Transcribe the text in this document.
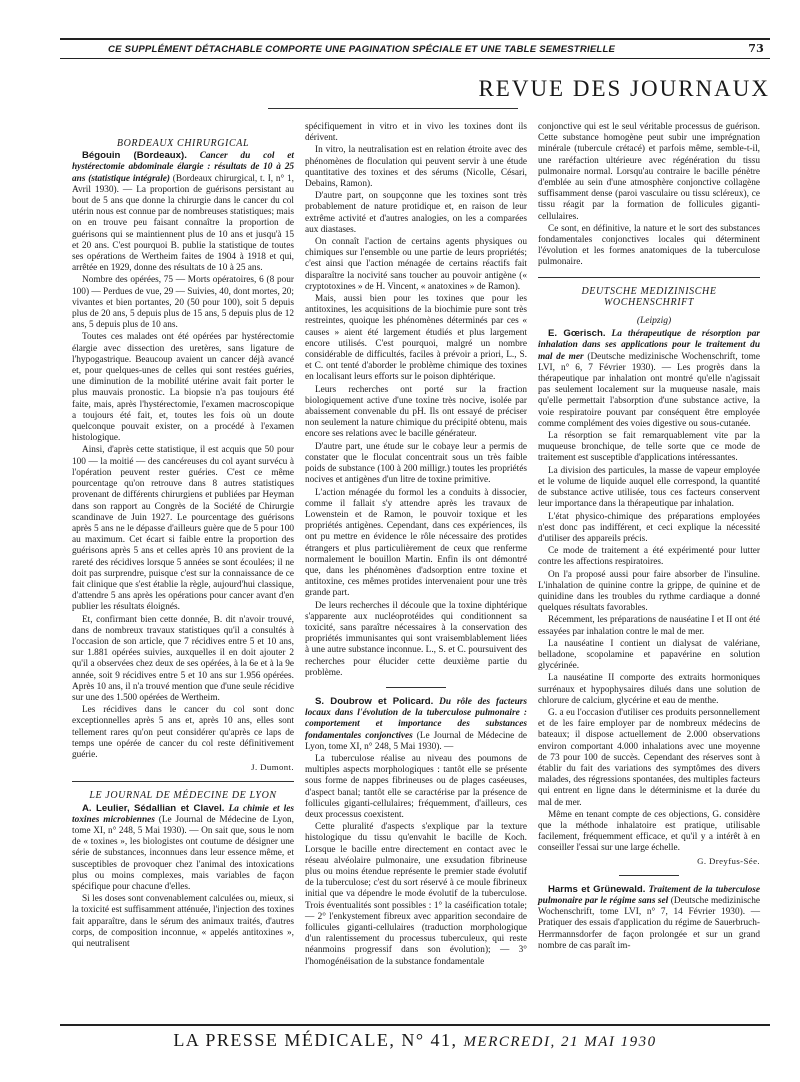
CE SUPPLÉMENT DÉTACHABLE COMPORTE UNE PAGINATION SPÉCIALE ET UNE TABLE SEMESTRIELLE	73
REVUE DES JOURNAUX

BORDEAUX CHIRURGICAL

Bégouin (Bordeaux). Cancer du col et hystérectomie abdominale élargie : résultats de 10 à 25 ans (statistique intégrale) (Bordeaux chirurgical, t. I, n° 1, Avril 1930). — La proportion de guérisons persistant au bout de 5 ans que donne la chirurgie dans le cancer du col utérin nous est connue par de nombreuses statistiques; mais on en trouve peu faisant connaître la proportion de guérisons qui se maintiennent plus de 10 ans et jusqu'à 15 et 20 ans. C'est pourquoi B. publie la statistique de toutes ses opérations de Wertheim faites de 1904 à 1918 et qui, arrêtée en 1929, donne des résultats de 10 à 25 ans.

Nombre des opérées, 75 — Morts opératoires, 6 (8 pour 100) — Perdues de vue, 29 — Suivies, 40, dont mortes, 20; vivantes et bien portantes, 20 (50 pour 100), soit 5 depuis plus de 20 ans, 5 depuis plus de 15 ans, 5 depuis plus de 12 ans, 5 depuis plus de 10 ans.

Toutes ces malades ont été opérées par hystérectomie élargie avec dissection des uretères, sans ligature de l'hypogastrique. Beaucoup avaient un cancer déjà avancé et, pour quelques-unes de celles qui sont restées guéries, une diminution de la mobilité utérine avait fait porter le plus mauvais pronostic. La biopsie n'a pas toujours été faite, mais, après l'hystérectomie, l'examen macroscopique a toujours été fait, et, toutes les fois où un doute quelconque pouvait exister, on a procédé à l'examen histologique.

Ainsi, d'après cette statistique, il est acquis que 50 pour 100 — la moitié — des cancéreuses du col ayant survécu à l'opération peuvent rester guéries. C'est ce même pourcentage qu'on retrouve dans 8 autres statistiques provenant de différents chirurgiens et publiées par Heyman dans son rapport au Congrès de la Société de Chirurgie scandinave de Juin 1927. Le pourcentage des guérisons après 5 ans ne le dépasse d'ailleurs guère que de 5 pour 100 au maximum. Cet écart si faible entre la proportion des guérisons après 5 ans et celles après 10 ans provient de la rareté des récidives lorsque 5 années se sont écoulées; il ne doit pas surprendre, puisque c'est sur la connaissance de ce fait clinique que s'est établie la règle, aujourd'hui classique, d'attendre 5 ans après les opérations pour cancer avant d'en publier les résultats éloignés.

Et, confirmant bien cette donnée, B. dit n'avoir trouvé, dans de nombreux travaux statistiques qu'il a consultés à l'occasion de son article, que 7 récidives entre 5 et 10 ans, sur 1.881 opérées suivies, auxquelles il en doit ajouter 2 qu'il a observées chez deux de ses opérées, à la 6e et à la 9e année, soit 9 récidives entre 5 et 10 ans sur 1.956 opérées. Après 10 ans, il n'a trouvé mention que d'une seule récidive sur une des 1.500 opérées de Wertheim.

Les récidives dans le cancer du col sont donc exceptionnelles après 5 ans et, après 10 ans, elles sont tellement rares qu'on peut considérer qu'après ce laps de temps une opérée de cancer du col reste définitivement guérie.

J. Dumont.

LE JOURNAL DE MÉDECINE DE LYON

A. Leulier, Sédallian et Clavel. La chimie et les toxines microbiennes (Le Journal de Médecine de Lyon, tome XI, n° 248, 5 Mai 1930). — On sait que, sous le nom de « toxines », les biologistes ont coutume de désigner une série de substances, inconnues dans leur essence même, et susceptibles de provoquer chez l'animal des intoxications plus ou moins complexes, mais variables de façon spécifique pour chacune d'elles.

Si les doses sont convenablement calculées ou, mieux, si la toxicité est suffisamment atténuée, l'injection des toxines fait apparaître, dans le sérum des animaux traités, d'autres corps, de composition inconnue, « appelés antitoxines », qui neutralisent

spécifiquement in vitro et in vivo les toxines dont ils dérivent.

In vitro, la neutralisation est en relation étroite avec des phénomènes de floculation qui peuvent servir à une étude quantitative des toxines et des sérums (Nicolle, Césari, Debains, Ramon).

D'autre part, on soupçonne que les toxines sont très probablement de nature protidique et, en raison de leur extrême activité et d'autres analogies, on les a comparées aux diastases.

On connaît l'action de certains agents physiques ou chimiques sur l'ensemble ou une partie de leurs propriétés; c'est ainsi que l'action ménagée de certains réactifs fait disparaître la nocivité sans toucher au pouvoir antigène (« cryptotoxines » de H. Vincent, « anatoxines » de Ramon).

Mais, aussi bien pour les toxines que pour les antitoxines, les acquisitions de la biochimie pure sont très restreintes, quoique les phénomènes déterminés par ces « causes » aient été largement étudiés et plus largement encore utilisés. C'est pourquoi, malgré un nombre considérable de difficultés, faciles à prévoir a priori, L., S. et C. ont tenté d'aborder le problème chimique des toxines en localisant leurs efforts sur le poison diphtérique.

Leurs recherches ont porté sur la fraction biologiquement active d'une toxine très nocive, isolée par abaissement convenable du pH. Ils ont essayé de préciser non seulement la nature chimique du précipité obtenu, mais encore ses relations avec le bacille générateur.

D'autre part, une étude sur le cobaye leur a permis de constater que le floculat concentrait sous un très faible poids de substance (100 à 200 milligr.) toutes les propriétés nocives et antigènes d'un litre de toxine primitive.

L'action ménagée du formol les a conduits à dissocier, comme il fallait s'y attendre après les travaux de Lowenstein et de Ramon, le pouvoir toxique et les propriétés antigènes. Cependant, dans ces expériences, ils ont pu mettre en évidence le rôle nécessaire des protides étrangers et plus particulièrement de ceux que renferme normalement le bouillon Martin. Enfin ils ont démontré que, dans les phénomènes d'adsorption entre toxine et antitoxine, ces mêmes protides intervenaient pour une très grande part.

De leurs recherches il découle que la toxine diphtérique s'apparente aux nucléoprotéides qui conditionnent sa toxicité, sans paraître nécessaires à la conservation des propriétés immunisantes qui sont vraisemblablement liées à une autre substance inconnue. L., S. et C. poursuivent des recherches pour élucider cette deuxième partie du problème.

S. Doubrow et Policard. Du rôle des facteurs locaux dans l'évolution de la tuberculose pulmonaire : comportement et importance des substances fondamentales conjonctives (Le Journal de Médecine de Lyon, tome XI, n° 248, 5 Mai 1930). —

La tuberculose réalise au niveau des poumons de multiples aspects morphologiques : tantôt elle se présente sous forme de nappes fibrineuses ou de plages caséeuses, d'aspect banal; tantôt elle se caractérise par la présence de follicules giganti-cellulaires; fréquemment, d'ailleurs, ces deux processus coexistent.

Cette pluralité d'aspects s'explique par la texture histologique du tissu qu'envahit le bacille de Koch. Lorsque le bacille entre directement en contact avec le réseau alvéolaire pulmonaire, une exsudation fibrineuse plus ou moins étendue représente le premier stade évolutif de la tuberculose; c'est du sort réservé à ce moule fibrineux initial que va dépendre le mode évolutif de la tuberculose. Trois éventualités sont possibles : 1° la caséification totale; — 2° l'enkystement fibreux avec apparition secondaire de follicules giganti-cellulaires (traduction morphologique d'un ralentissement du processus tuberculeux, qui reste néanmoins progressif dans son évolution); — 3° l'homogénéisation de la substance fondamentale

conjonctive qui est le seul véritable processus de guérison. Cette substance homogène peut subir une imprégnation minérale (tubercule crétacé) et parfois même, semble-t-il, une raréfaction ultérieure avec régénération du tissu pulmonaire normal. Lorsqu'au contraire le bacille pénètre d'emblée au sein d'une atmosphère conjonctive collagène suffisamment dense (paroi vasculaire ou tissu scléreux), ce tissu réagit par la formation de follicules giganti-cellulaires.

Ce sont, en définitive, la nature et le sort des substances fondamentales conjonctives locales qui déterminent l'évolution et les formes anatomiques de la tuberculose pulmonaire.

DEUTSCHE MEDIZINISCHE WOCHENSCHRIFT

(Leipzig)

E. Gœrisch. La thérapeutique de résorption par inhalation dans ses applications pour le traitement du mal de mer (Deutsche medizinische Wochenschrift, tome LVI, n° 6, 7 Février 1930). — Les progrès dans la thérapeutique par inhalation ont montré qu'elle n'agissait pas seulement localement sur la muqueuse nasale, mais qu'elle permettait l'absorption d'une substance active, la voie respiratoire pouvant par conséquent être employée comme complément des voies digestive ou sous-cutanée.

La résorption se fait remarquablement vite par la muqueuse bronchique, de telle sorte que ce mode de traitement est susceptible d'applications intéressantes.

La division des particules, la masse de vapeur employée et le volume de liquide auquel elle correspond, la quantité de substance active utilisée, tous ces facteurs conservent leur importance dans la thérapeutique par inhalation.

L'état physico-chimique des préparations employées n'est donc pas indifférent, et ceci explique la nécessité d'utiliser des appareils précis.

Ce mode de traitement a été expérimenté pour lutter contre les affections respiratoires.

On l'a proposé aussi pour faire absorber de l'insuline. L'inhalation de quinine contre la grippe, de quinine et de quinidine dans les troubles du rythme cardiaque a donné quelques résultats favorables.

Récemment, les préparations de nauséatine I et II ont été essayées par inhalation contre le mal de mer.

La nauséatine I contient un dialysat de valériane, belladone, scopolamine et papavérine en solution glycérinée.

La nauséatine II comporte des extraits hormoniques surrénaux et hypophysaires dilués dans une solution de chlorure de calcium, glycérine et eau de menthe.

G. a eu l'occasion d'utiliser ces produits personnellement et de les faire employer par de nombreux médecins de bateaux; il dispose actuellement de 2.000 observations environ comportant 4.000 inhalations avec une moyenne de 73 pour 100 de succès. Cependant des réserves sont à établir du fait des variations des symptômes des divers malades, des régressions spontanées, des multiples facteurs qui entrent en ligne dans le déterminisme et la durée du mal de mer.

Même en tenant compte de ces objections, G. considère que la méthode inhalatoire est pratique, utilisable facilement, fréquemment efficace, et qu'il y a intérêt à en conseiller l'essai sur une large échelle.

G. Dreyfus-Sée.

Harms et Grünewald. Traitement de la tuberculose pulmonaire par le régime sans sel (Deutsche medizinische Wochenschrift, tome LVI, n° 7, 14 Février 1930). — Pratiquer des essais d'application du régime de Sauerbruch-Herrmannsdorfer de façon prolongée et sur un grand nombre de cas paraît im-

LA PRESSE MÉDICALE, N° 41, MERCREDI, 21 MAI 1930
